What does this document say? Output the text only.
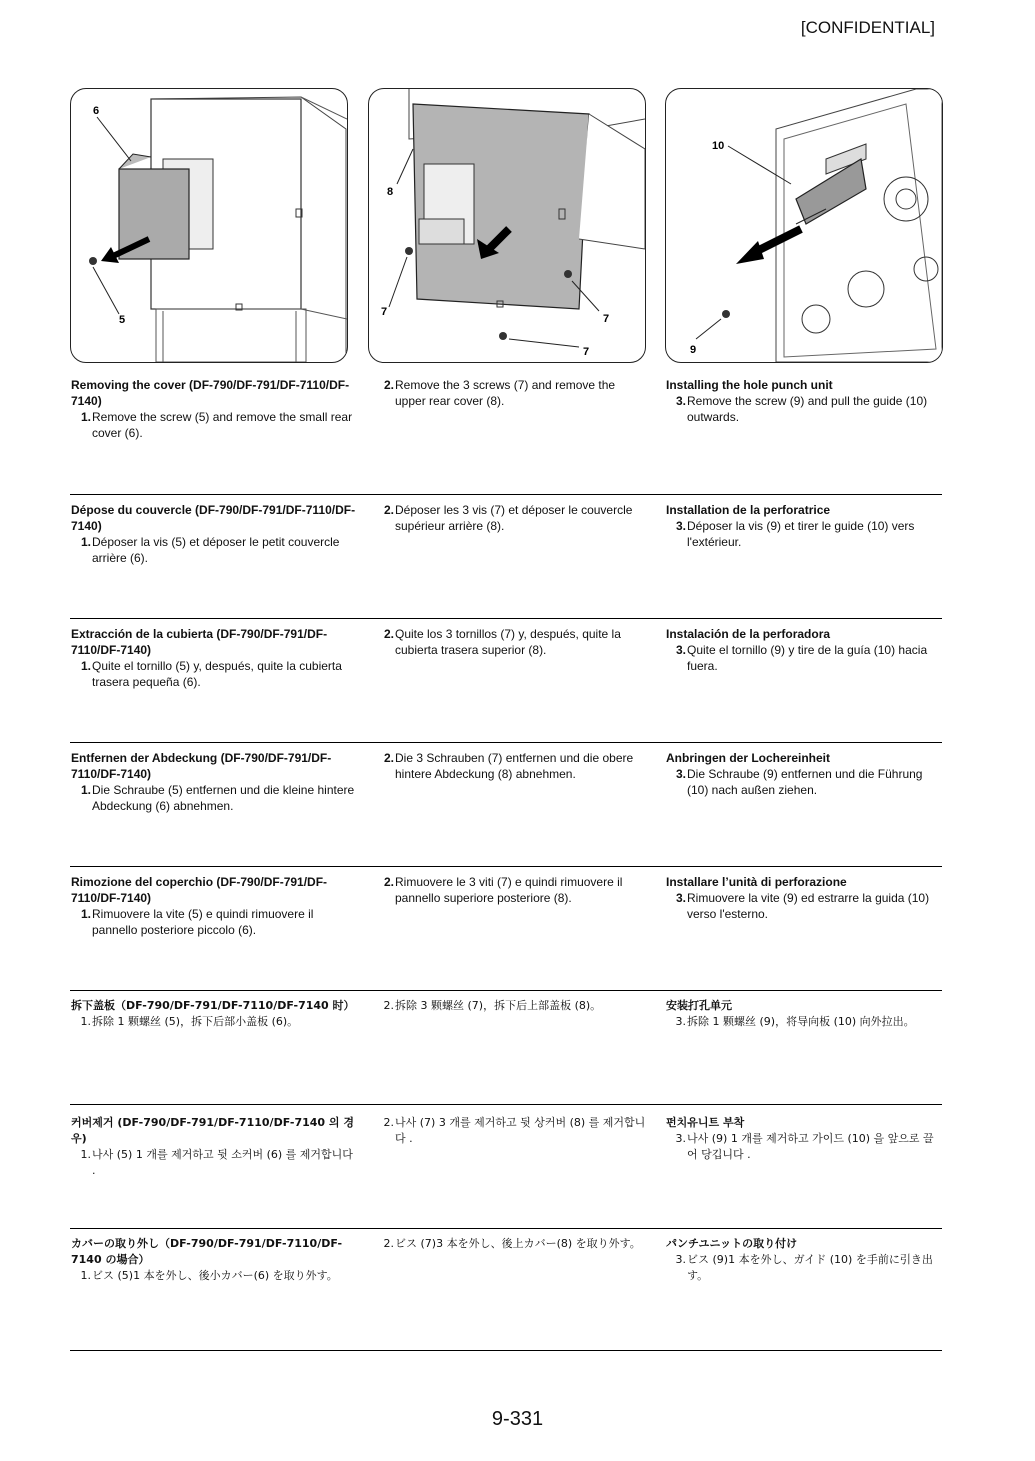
[CONFIDENTIAL]
6
5
8
7
7
7
10
9
Removing the cover (DF-790/DF-791/DF-7110/DF-7140)
1. Remove the screw (5) and remove the small rear cover (6).
2. Remove the 3 screws (7) and remove the upper rear cover (8).
Installing the hole punch unit
3. Remove the screw (9) and pull the guide (10) outwards.
Dépose du couvercle (DF-790/DF-791/DF-7110/DF-7140)
1. Déposer la vis (5) et déposer le petit couvercle arrière (6).
2. Déposer les 3 vis (7) et déposer le couvercle supérieur arrière (8).
Installation de la perforatrice
3. Déposer la vis (9) et tirer le guide (10) vers l'extérieur.
Extracción de la cubierta (DF-790/DF-791/DF-7110/DF-7140)
1. Quite el tornillo (5) y, después, quite la cubierta trasera pequeña (6).
2. Quite los 3 tornillos (7) y, después, quite la cubierta trasera superior (8).
Instalación de la perforadora
3. Quite el tornillo (9) y tire de la guía (10) hacia fuera.
Entfernen der Abdeckung (DF-790/DF-791/DF-7110/DF-7140)
1. Die Schraube (5) entfernen und die kleine hintere Abdeckung (6) abnehmen.
2. Die 3 Schrauben (7) entfernen und die obere hintere Abdeckung (8) abnehmen.
Anbringen der Lochereinheit
3. Die Schraube (9) entfernen und die Führung (10) nach außen ziehen.
Rimozione del coperchio (DF-790/DF-791/DF-7110/DF-7140)
1. Rimuovere la vite (5) e quindi rimuovere il pannello posteriore piccolo (6).
2. Rimuovere le 3 viti (7) e quindi rimuovere il pannello superiore posteriore (8).
Installare l’unità di perforazione
3. Rimuovere la vite (9) ed estrarre la guida (10) verso l'esterno.
拆下盖板（DF-790/DF-791/DF-7110/DF-7140 时）
1. 拆除 1 颗螺丝 (5)，拆下后部小盖板 (6)。
2. 拆除 3 颗螺丝 (7)，拆下后上部盖板 (8)。	安装打孔单元
3. 拆除 1 颗螺丝 (9)，将导向板 (10) 向外拉出。
커버제거 (DF-790/DF-791/DF-7110/DF-7140 의 경우)
1. 나사 (5) 1 개를 제거하고 뒷 소커버 (6) 를 제거합니다 .
2. 나사 (7) 3 개를 제거하고 뒷 상커버 (8) 를 제거합니다 .
펀치유니트 부착
3. 나사 (9) 1 개를 제거하고 가이드 (10) 을 앞으로 끌어 당깁니다 .
カバーの取り外し（DF-790/DF-791/DF-7110/DF-7140 の場合）
1. ビス (5)1 本を外し、後小カバー(6) を取り外す。
2. ビス (7)3 本を外し、後上カバー(8) を取り外す。 パンチユニットの取り付け
3. ビス (9)1 本を外し、ガイド (10) を手前に引き出す。
9-331
